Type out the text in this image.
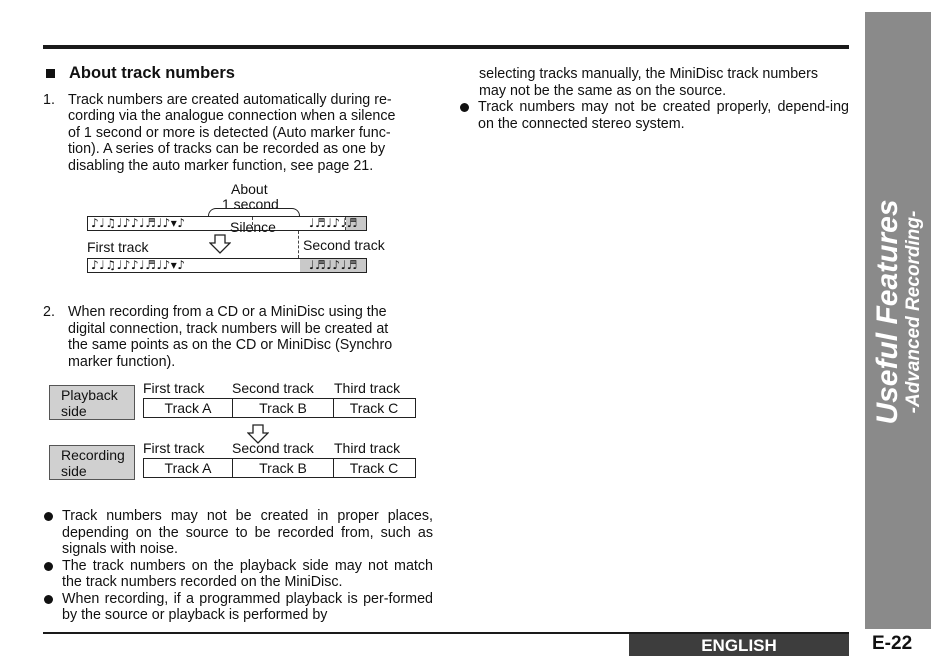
About track numbers
1. Track numbers are created automatically during re-
cording via the analogue connection when a silence
of 1 second or more is detected (Auto marker func-
tion). A series of tracks can be recorded as one by
disabling the auto marker function, see page 21.
About
1 second
♪♩♫♩♪♪♩♬♩♪▾♪	♩♬♩♪♩♬
Silence
First track	Second track
♪♩♫♩♪♪♩♬♩♪▾♪	♩♬♩♪♩♬
2. When recording from a CD or a MiniDisc using the
digital connection, track numbers will be created at
the same points as on the CD or MiniDisc (Synchro
marker function).
Playback
side
First track Second track Third track
Track A	Track B	Track C
Recording
side
First track Second track Third track
Track A	Track B	Track C
Track numbers may not be created in proper places, depending on the source to be recorded from, such as signals with noise.
The track numbers on the playback side may not match the track numbers recorded on the MiniDisc.
When recording, if a programmed playback is per-formed by the source or playback is performed by
selecting tracks manually, the MiniDisc track numbers
may not be the same as on the source.
Track numbers may not be created properly, depend-ing on the connected stereo system.
Useful Features -Advanced Recording-
ENGLISH	E-22
